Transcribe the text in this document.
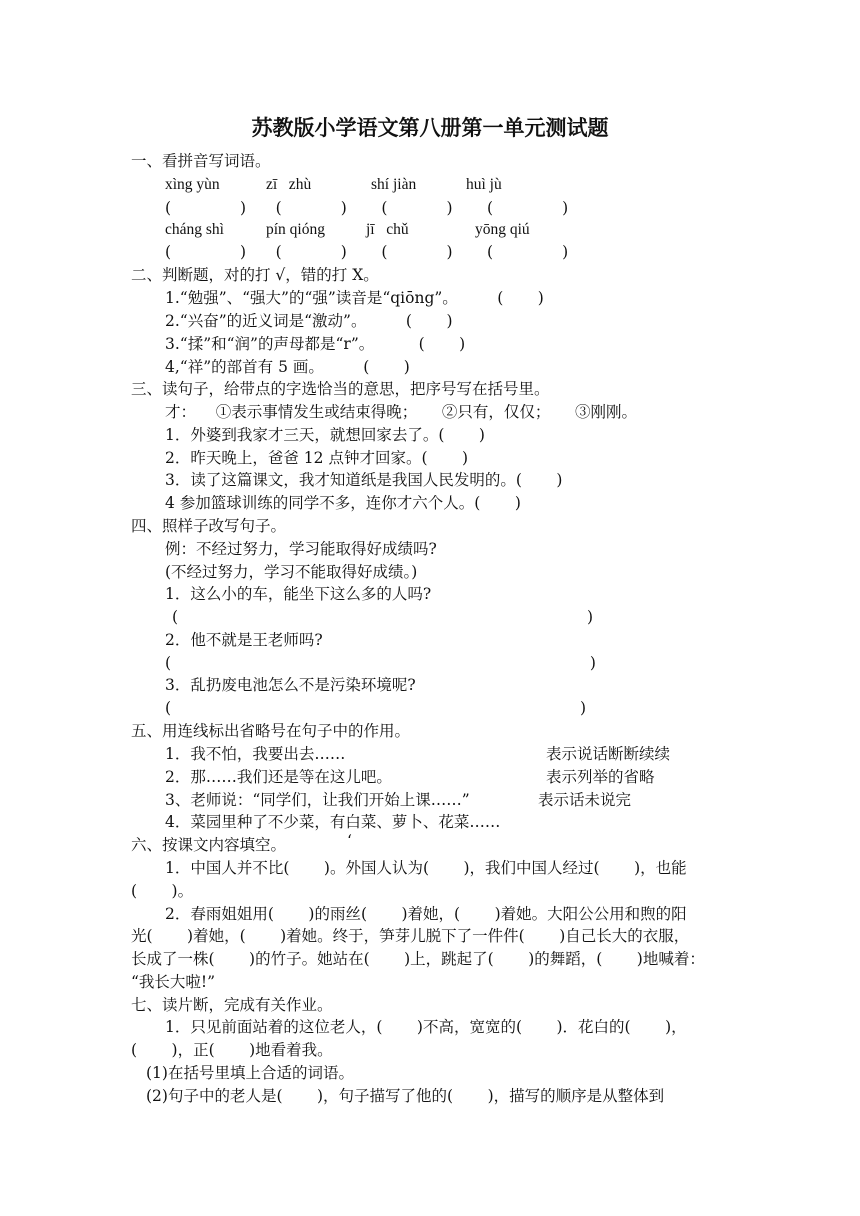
苏教版小学语文第八册第一单元测试题
一、看拼音写词语。
xìng yùn	zī   zhù	shí jiàn	huì jù
(              )      (            )       (            )       (              )
cháng shì	pín qióng	jī   chǔ	yōng qiú
(              )      (            )       (            )       (              )
二、判断题，对的打 √，错的打 X。
1.“勉强”、“强大”的“强”读音是“qiōng”。        (       )
2.“兴奋”的近义词是“激动”。        (       )
3.“揉”和“润”的声母都是“r”。         (       )
4,“祥”的部首有 5 画。        (       )
三、读句子，给带点的字选恰当的意思，把序号写在括号里。
才：    ①表示事情发生或结束得晚；     ②只有，仅仅；     ③刚刚。
1．外婆到我家才三天，就想回家去了。(       )
2．昨天晚上，爸爸 12 点钟才回家。(       )
3．读了这篇课文，我才知道纸是我国人民发明的。(       )
4 参加篮球训练的同学不多，连你才六个人。(       )
四、照样子改写句子。
例：不经过努力，学习能取得好成绩吗?
(不经过努力，学习不能取得好成绩。)
1．这么小的车，能坐下这么多的人吗?
(                                                                                   )
2．他不就是王老师吗?
(                                                                                     )
3．乱扔废电池怎么不是污染环境呢?
(                                                                                   )
五、用连线标出省略号在句子中的作用。
1．我不怕，我要出去……	表示说话断断续续
2．那……我们还是等在这儿吧。	表示列举的省略
3、老师说：“同学们，让我们开始上课……”	表示话未说完
4．菜园里种了不少菜，有白菜、萝卜、花菜……
六、按课文内容填空。	‘
1．中国人并不比(       )。外国人认为(       )，我们中国人经过(       )，也能
(       )。
2．春雨姐姐用(       )的雨丝(       )着她，(       )着她。大阳公公用和煦的阳
光(       )着她，(       )着她。终于，笋芽儿脱下了一件件(       )自己长大的衣服，
长成了一株(       )的竹子。她站在(       )上，跳起了(       )的舞蹈，(       )地喊着：
“我长大啦!”
七、读片断，完成有关作业。
1．只见前面站着的这位老人，(       )不高，宽宽的(       )．花白的(       )，
(       )，正(       )地看着我。
(1)在括号里填上合适的词语。
(2)句子中的老人是(       )，句子描写了他的(       )，描写的顺序是从整体到
